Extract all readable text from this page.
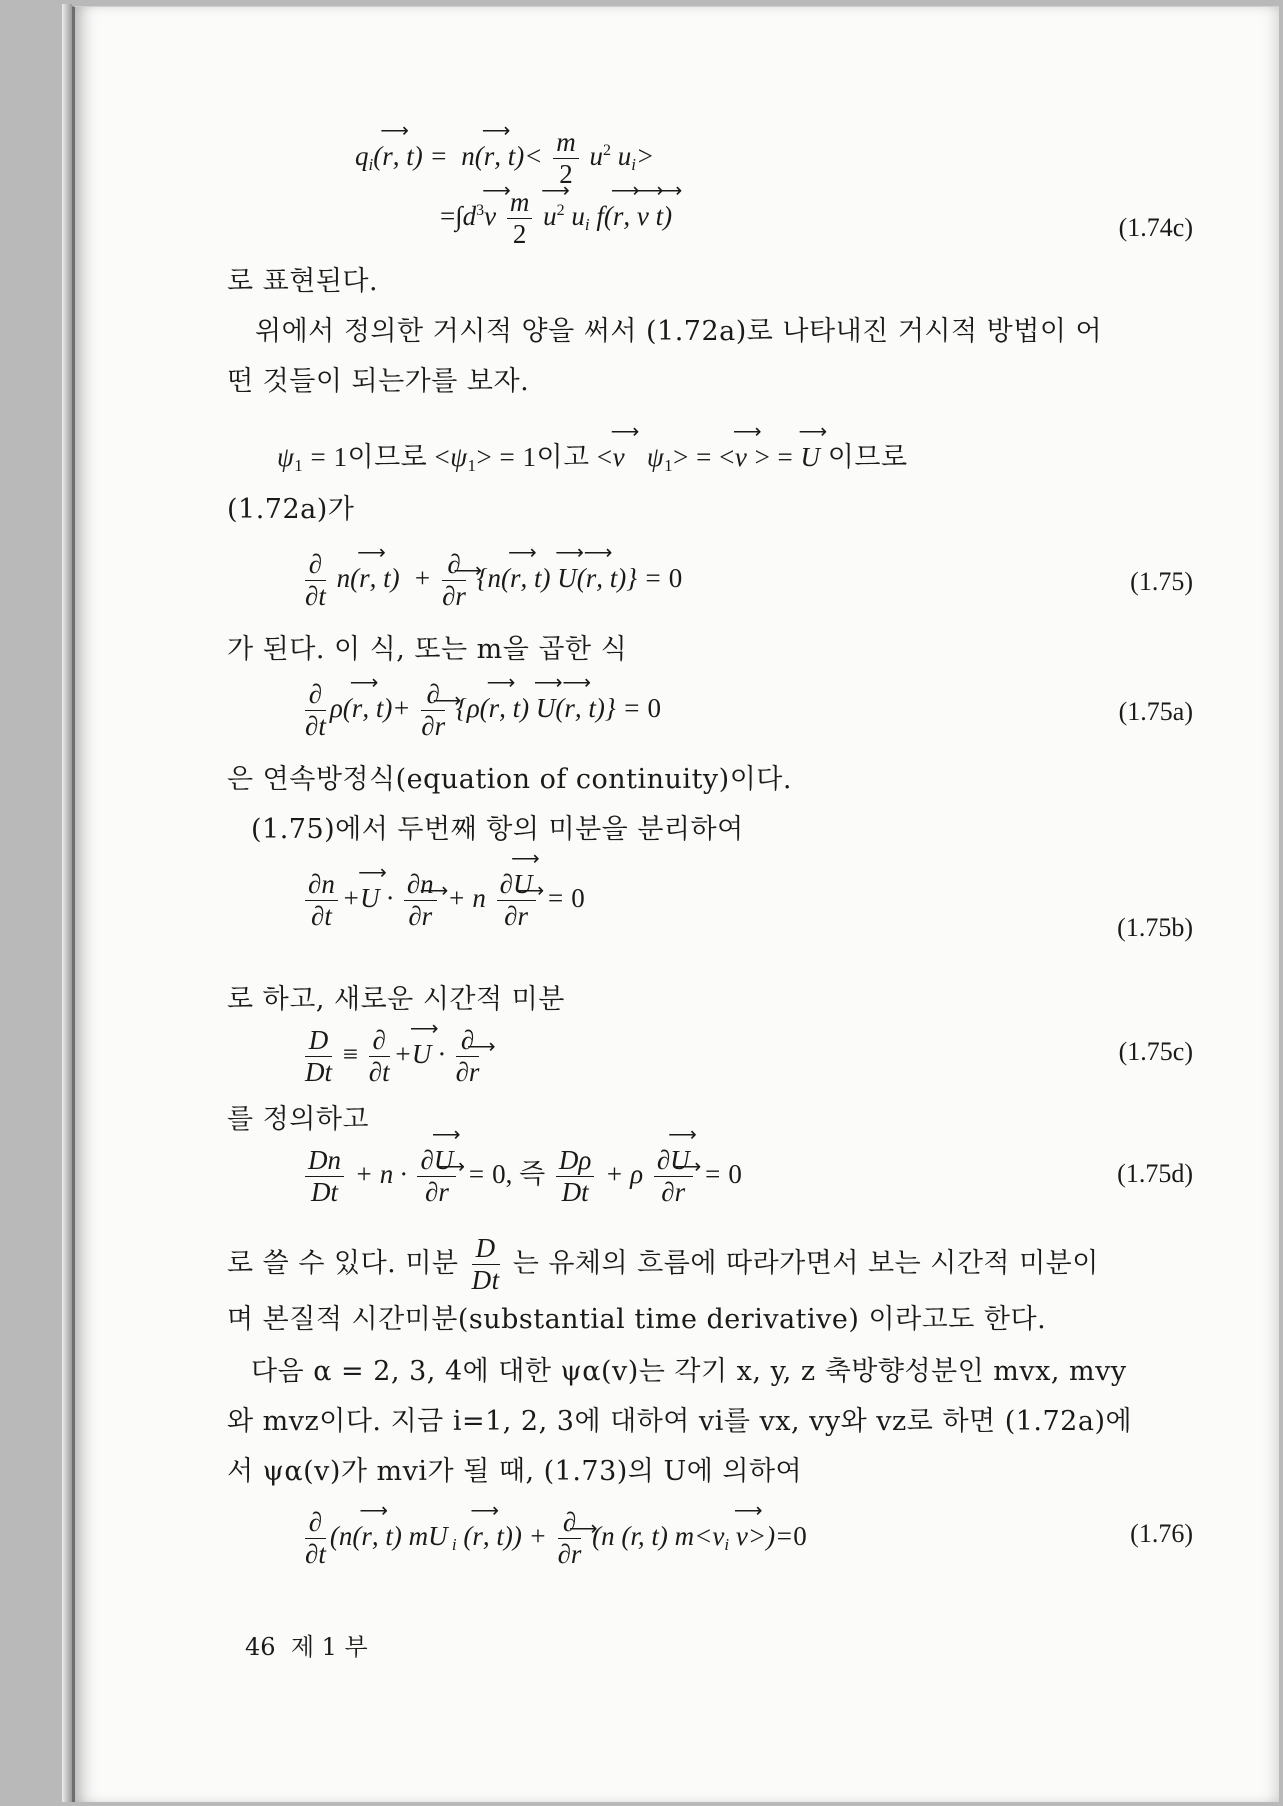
$q_i(⟶$ r, t) =  n(⟶ r, $t)< \frac{m}{2} u^2$ $u_i>$
$=\int d^3⟶$ v $\frac{m}{2}$ ⟶ $u^2$ $u_i$ f(⟶ r, ⟶ v ⟶ t)	(1.74c)
로 표현된다.
위에서 정의한 거시적 양을 써서 (1.72a)로 나타내진 거시적 방법이 어
떤 것들이 되는가를 보자.
$\psi_1 = 1$이므로 $<\psi_1> = 1$이고 <⟶ v $\psi_1>$ = <⟶ v > = ⟶ U 이므로
(1.72a)가
$\frac{\partial}{\partial t}$ n(⟶ r, $t) + \frac{\partial}{\partial⟶ r}$ {n(⟶ r, t) ⟶ U(⟶ r, t)} = 0	(1.75)
가 된다. 이 식, 또는 m을 곱한 식
$\frac{\partial}{\partial t}$ ρ(⟶ r, $t)+ \frac{\partial}{\partial⟶ r}$ {ρ(⟶ r, t) ⟶ U(⟶ r, t)} = 0	(1.75a)
은 연속방정식(equation of continuity)이다.
(1.75)에서 두번째 항의 미분을 분리하여
$\frac{\partial n}{\partial t}$ +⟶ $U \cdot \frac{\partial n}{\partial⟶ r} + n \frac{\partial⟶ U}{\partial⟶ r} = 0$
(1.75b)
로 하고, 새로운 시간적 미분
$\frac{D}{Dt} \equiv \frac{\partial}{\partial t}$ +⟶ $U \cdot \frac{\partial}{\partial⟶ r}$	(1.75c)
를 정의하고
$\frac{Dn}{Dt} + n \cdot \frac{\partial⟶ U}{\partial⟶ r} = 0$, 즉 $\frac{D\rho}{Dt} + \rho \frac{\partial⟶ U}{\partial⟶ r} = 0$	(1.75d)
로 쓸 수 있다. 미분 $\frac{D}{Dt}$ 는 유체의 흐름에 따라가면서 보는 시간적 미분이
며 본질적 시간미분(substantial time derivative) 이라고도 한다.
다음 α = 2, 3, 4에 대한 ψα(v)는 각기 x, y, z 축방향성분인 mvx, mvy
와 mvz이다. 지금 i=1, 2, 3에 대하여 vi를 vx, vy와 vz로 하면 (1.72a)에
서 ψα(v)가 mvi가 될 때, (1.73)의 U에 의하여
$\frac{\partial}{\partial t}$ (n(⟶ r, t) mU $_i$ (⟶ r, $t)) + \frac{\partial}{\partial⟶ r} (n$ (r, t) $m<v_i$ ⟶ v>)=0	(1.76)
46 제 1 부
